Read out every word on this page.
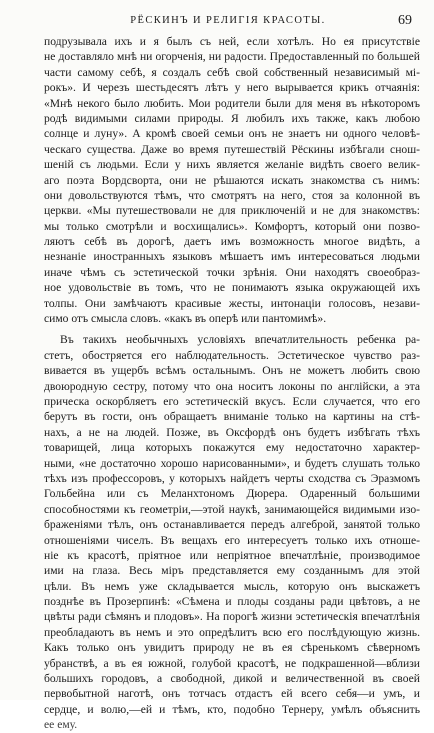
РЁСКИНЪ И РЕЛИГІЯ КРАСОТЫ.	69
подрузывала ихъ и я былъ съ ней, если хотѣлъ. Но ея присутствіе
не доставляло мнѣ ни огорченія, ни радости. Предоставленный по большей
части самому себѣ, я создалъ себѣ свой собственный независимый мі-
рокъ». И черезъ шестьдесятъ лѣтъ у него вырывается крикъ отчаянія:
«Мнѣ некого было любить. Мои родители были для меня въ нѣкоторомъ
родѣ видимыми силами природы. Я любилъ ихъ также, какъ любою
солнце и луну». А кромѣ своей семьи онъ не знаетъ ни одного человѣ-
ческаго существа. Даже во время путешествій Рёскины избѣгали снош-
шеній съ людьми. Если у нихъ является желаніе видѣть своего велик-
аго поэта Вордсворта, они не рѣшаются искать знакомства съ нимъ:
они довольствуются тѣмъ, что смотрятъ на него, стоя за колонной въ
церкви. «Мы путешествовали не для приключеній и не для знакомствъ:
мы только смотрѣли и восхищались». Комфортъ, который они позво-
ляютъ себѣ въ дорогѣ, даетъ имъ возможность многое видѣть, а
незнаніе иностранныхъ языковъ мѣшаетъ имъ интересоваться людьми
иначе чѣмъ съ эстетической точки зрѣнія. Они находятъ своеобраз-
ное удовольствіе въ томъ, что не понимаютъ языка окружающей ихъ
толпы. Они замѣчаютъ красивые жесты, интонаціи голосовъ, незави-
симо отъ смысла словъ. «какъ въ оперѣ или пантомимѣ».
Въ такихъ необычныхъ условіяхъ впечатлительность ребенка ра-
стетъ, обостряется его наблюдательность. Эстетическое чувство раз-
вивается въ ущербъ всѣмъ остальнымъ. Онъ не можетъ любить свою
двоюродную сестру, потому что она носитъ локоны по англійски, а эта
прическа оскорбляетъ его эстетическій вкусъ. Если случается, что его
берутъ въ гости, онъ обращаетъ вниманіе только на картины на стѣ-
нахъ, а не на людей. Позже, въ Оксфордѣ онъ будетъ избѣгать тѣхъ
товарищей, лица которыхъ покажутся ему недостаточно характер-
ными, «не достаточно хорошо нарисованными», и будетъ слушать только
тѣхъ изъ профессоровъ, у которыхъ найдетъ черты сходства съ Эразмомъ
Гольбейна или съ Меланхтономъ Дюрера. Одаренный большими
способностями къ геометріи,—этой наукѣ, занимающейся видимыми изо-
браженіями тѣлъ, онъ останавливается передъ алгеброй, занятой только
отношеніями чиселъ. Въ вещахъ его интересуетъ только ихъ отноше-
ніе къ красотѣ, пріятное или непріятное впечатлѣніе, производимое
ими на глаза. Весь міръ представляется ему созданнымъ для этой
цѣли. Въ немъ уже складывается мысль, которую онъ выскажетъ
позднѣе въ Прозерпинѣ: «Сѣмена и плоды созданы ради цвѣтовъ, а не
цвѣты ради сѣмянъ и плодовъ». На порогѣ жизни эстетическія впечатлѣнія
преобладаютъ въ немъ и это опредѣлитъ всю его послѣдующую жизнь.
Какъ только онъ увидитъ природу не въ ея сѣренькомъ сѣверномъ
убранствѣ, а въ ея южной, голубой красотѣ, не подкрашенной—вблизи
большихъ городовъ, а свободной, дикой и величественной въ своей
первобытной наготѣ, онъ тотчасъ отдастъ ей всего себя—и умъ, и
сердце, и волю,—ей и тѣмъ, кто, подобно Тернеру, умѣлъ объяснить
ее ему.
